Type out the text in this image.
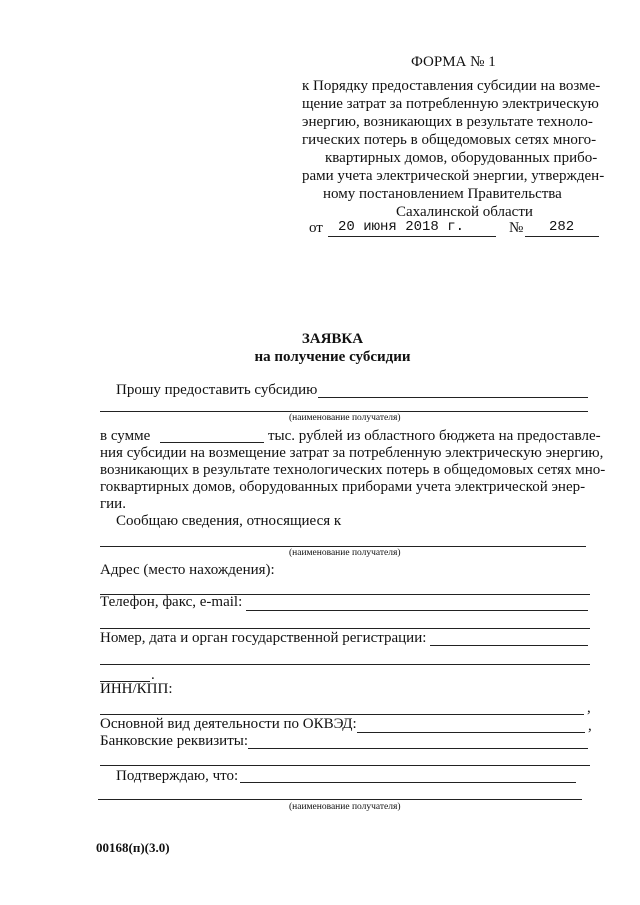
ФОРМА № 1
к Порядку предоставления субсидии на возме-
щение затрат за потребленную электрическую
энергию, возникающих в результате техноло-
гических потерь в общедомовых сетях много-
квартирных домов, оборудованных прибо-
рами учета электрической энергии, утвержден-
ному постановлением Правительства
Сахалинской области
от 20 июня 2018 г.	№ 282
ЗАЯВКА
на получение субсидии
Прошу предоставить субсидию
(наименование получателя)
в сумме	тыс. рублей из областного бюджета на предоставле-
ния субсидии на возмещение затрат за потребленную электрическую энергию,
возникающих в результате технологических потерь в общедомовых сетях мно-
гоквартирных домов, оборудованных приборами учета электрической энер-
гии.
Сообщаю сведения, относящиеся к
(наименование получателя)
Адрес (место нахождения):
Телефон, факс, e-mail:
Номер, дата и орган государственной регистрации:
.
ИНН/КПП:
,
Основной вид деятельности по ОКВЭД:	,
Банковские реквизиты:
Подтверждаю, что:
(наименованиe получателя)
00168(п)(3.0)
